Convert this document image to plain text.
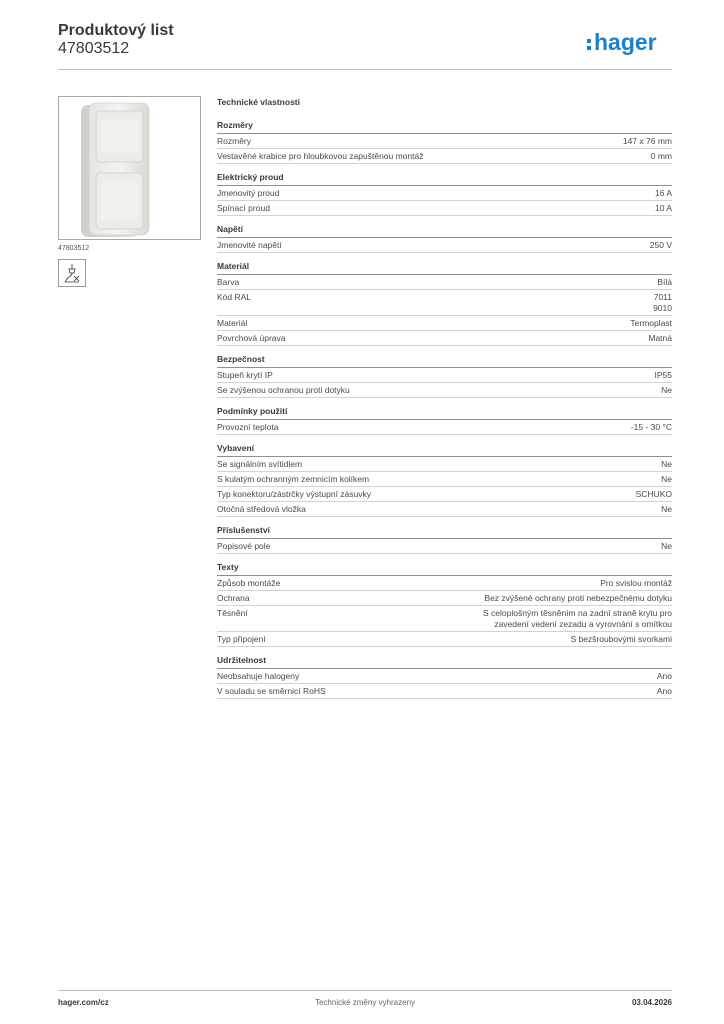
Produktový list
47803512	hager
47803512
Technické vlastnosti
Rozměry
Rozměry	147 x 76 mm
Vestavěné krabice pro hloubkovou zapuštěnou montáž	0 mm
Elektrický proud
Jmenovitý proud	16 A
Spínací proud	10 A
Napětí
Jmenovité napětí	250 V
Materiál
Barva	Bílá
Kód RAL	7011
9010
Materiál	Termoplast
Povrchová úprava	Matná
Bezpečnost
Stupeň krytí IP	IP55
Se zvýšenou ochranou proti dotyku	Ne
Podmínky použití
Provozní teplota	-15 - 30 °C
Vybavení
Se signálním svítidlem	Ne
S kulatým ochranným zemnicím kolíkem	Ne
Typ konektoru/zástrčky výstupní zásuvky	SCHUKO
Otočná středová vložka	Ne
Příslušenství
Popisové pole	Ne
Texty
Způsob montáže	Pro svislou montáž
Ochrana	Bez zvýšené ochrany proti nebezpečnému dotyku
Těsnění	S celoplošným těsněním na zadní straně krytu pro
zavedení vedení zezadu a vyrovnání s omítkou
Typ připojení	S bezšroubovými svorkami
Udržitelnost
Neobsahuje halogeny	Ano
V souladu se směrnicí RoHS	Ano
hager.com/cz	Technické změny vyhrazeny	03.04.2026
